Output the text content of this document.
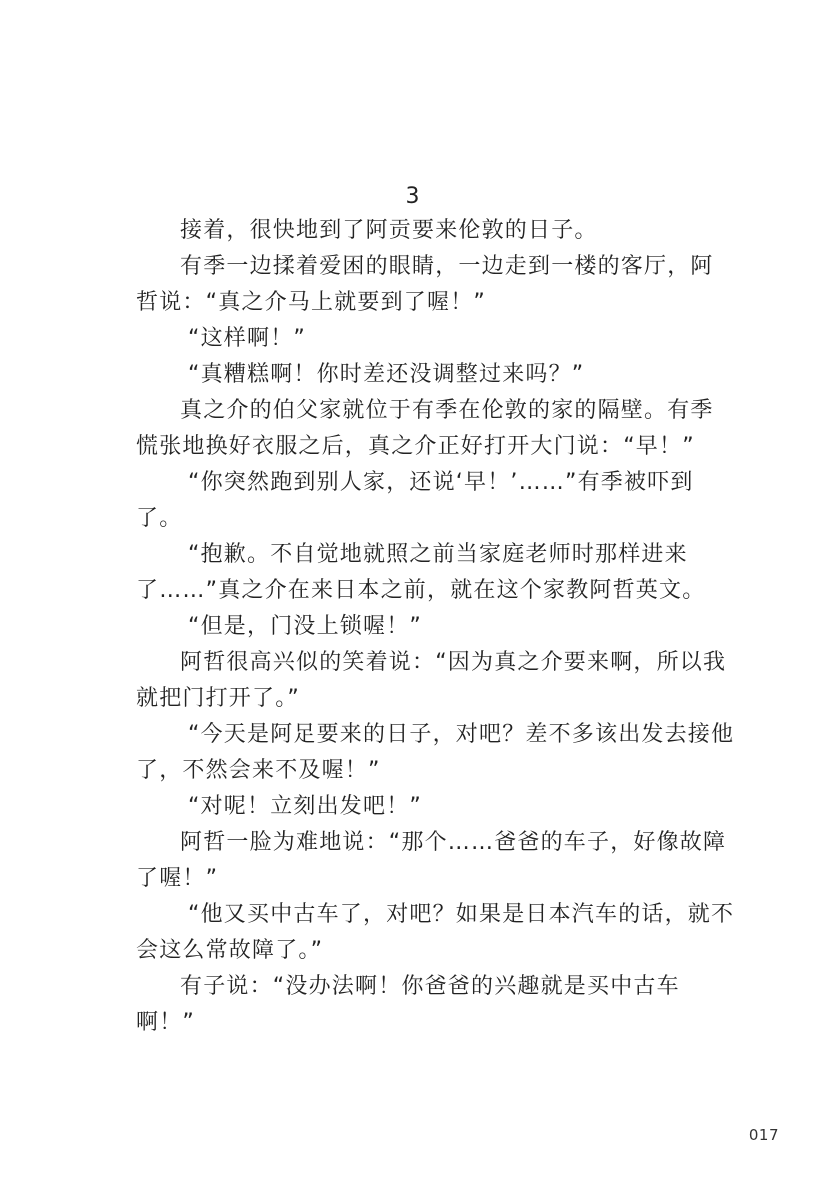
3
接着，很快地到了阿贡要来伦敦的日子。
有季一边揉着爱困的眼睛，一边走到一楼的客厅，阿
哲说：“真之介马上就要到了喔！”
“这样啊！”
“真糟糕啊！你时差还没调整过来吗？”
真之介的伯父家就位于有季在伦敦的家的隔壁。有季
慌张地换好衣服之后，真之介正好打开大门说：“早！”
“你突然跑到别人家，还说‘早！’……”有季被吓到
了。
“抱歉。不自觉地就照之前当家庭老师时那样进来
了……”真之介在来日本之前，就在这个家教阿哲英文。
“但是，门没上锁喔！”
阿哲很高兴似的笑着说：“因为真之介要来啊，所以我
就把门打开了。”
“今天是阿足要来的日子，对吧？差不多该出发去接他
了，不然会来不及喔！”
“对呢！立刻出发吧！”
阿哲一脸为难地说：“那个……爸爸的车子，好像故障
了喔！”
“他又买中古车了，对吧？如果是日本汽车的话，就不
会这么常故障了。”
有子说：“没办法啊！你爸爸的兴趣就是买中古车
啊！”
017
